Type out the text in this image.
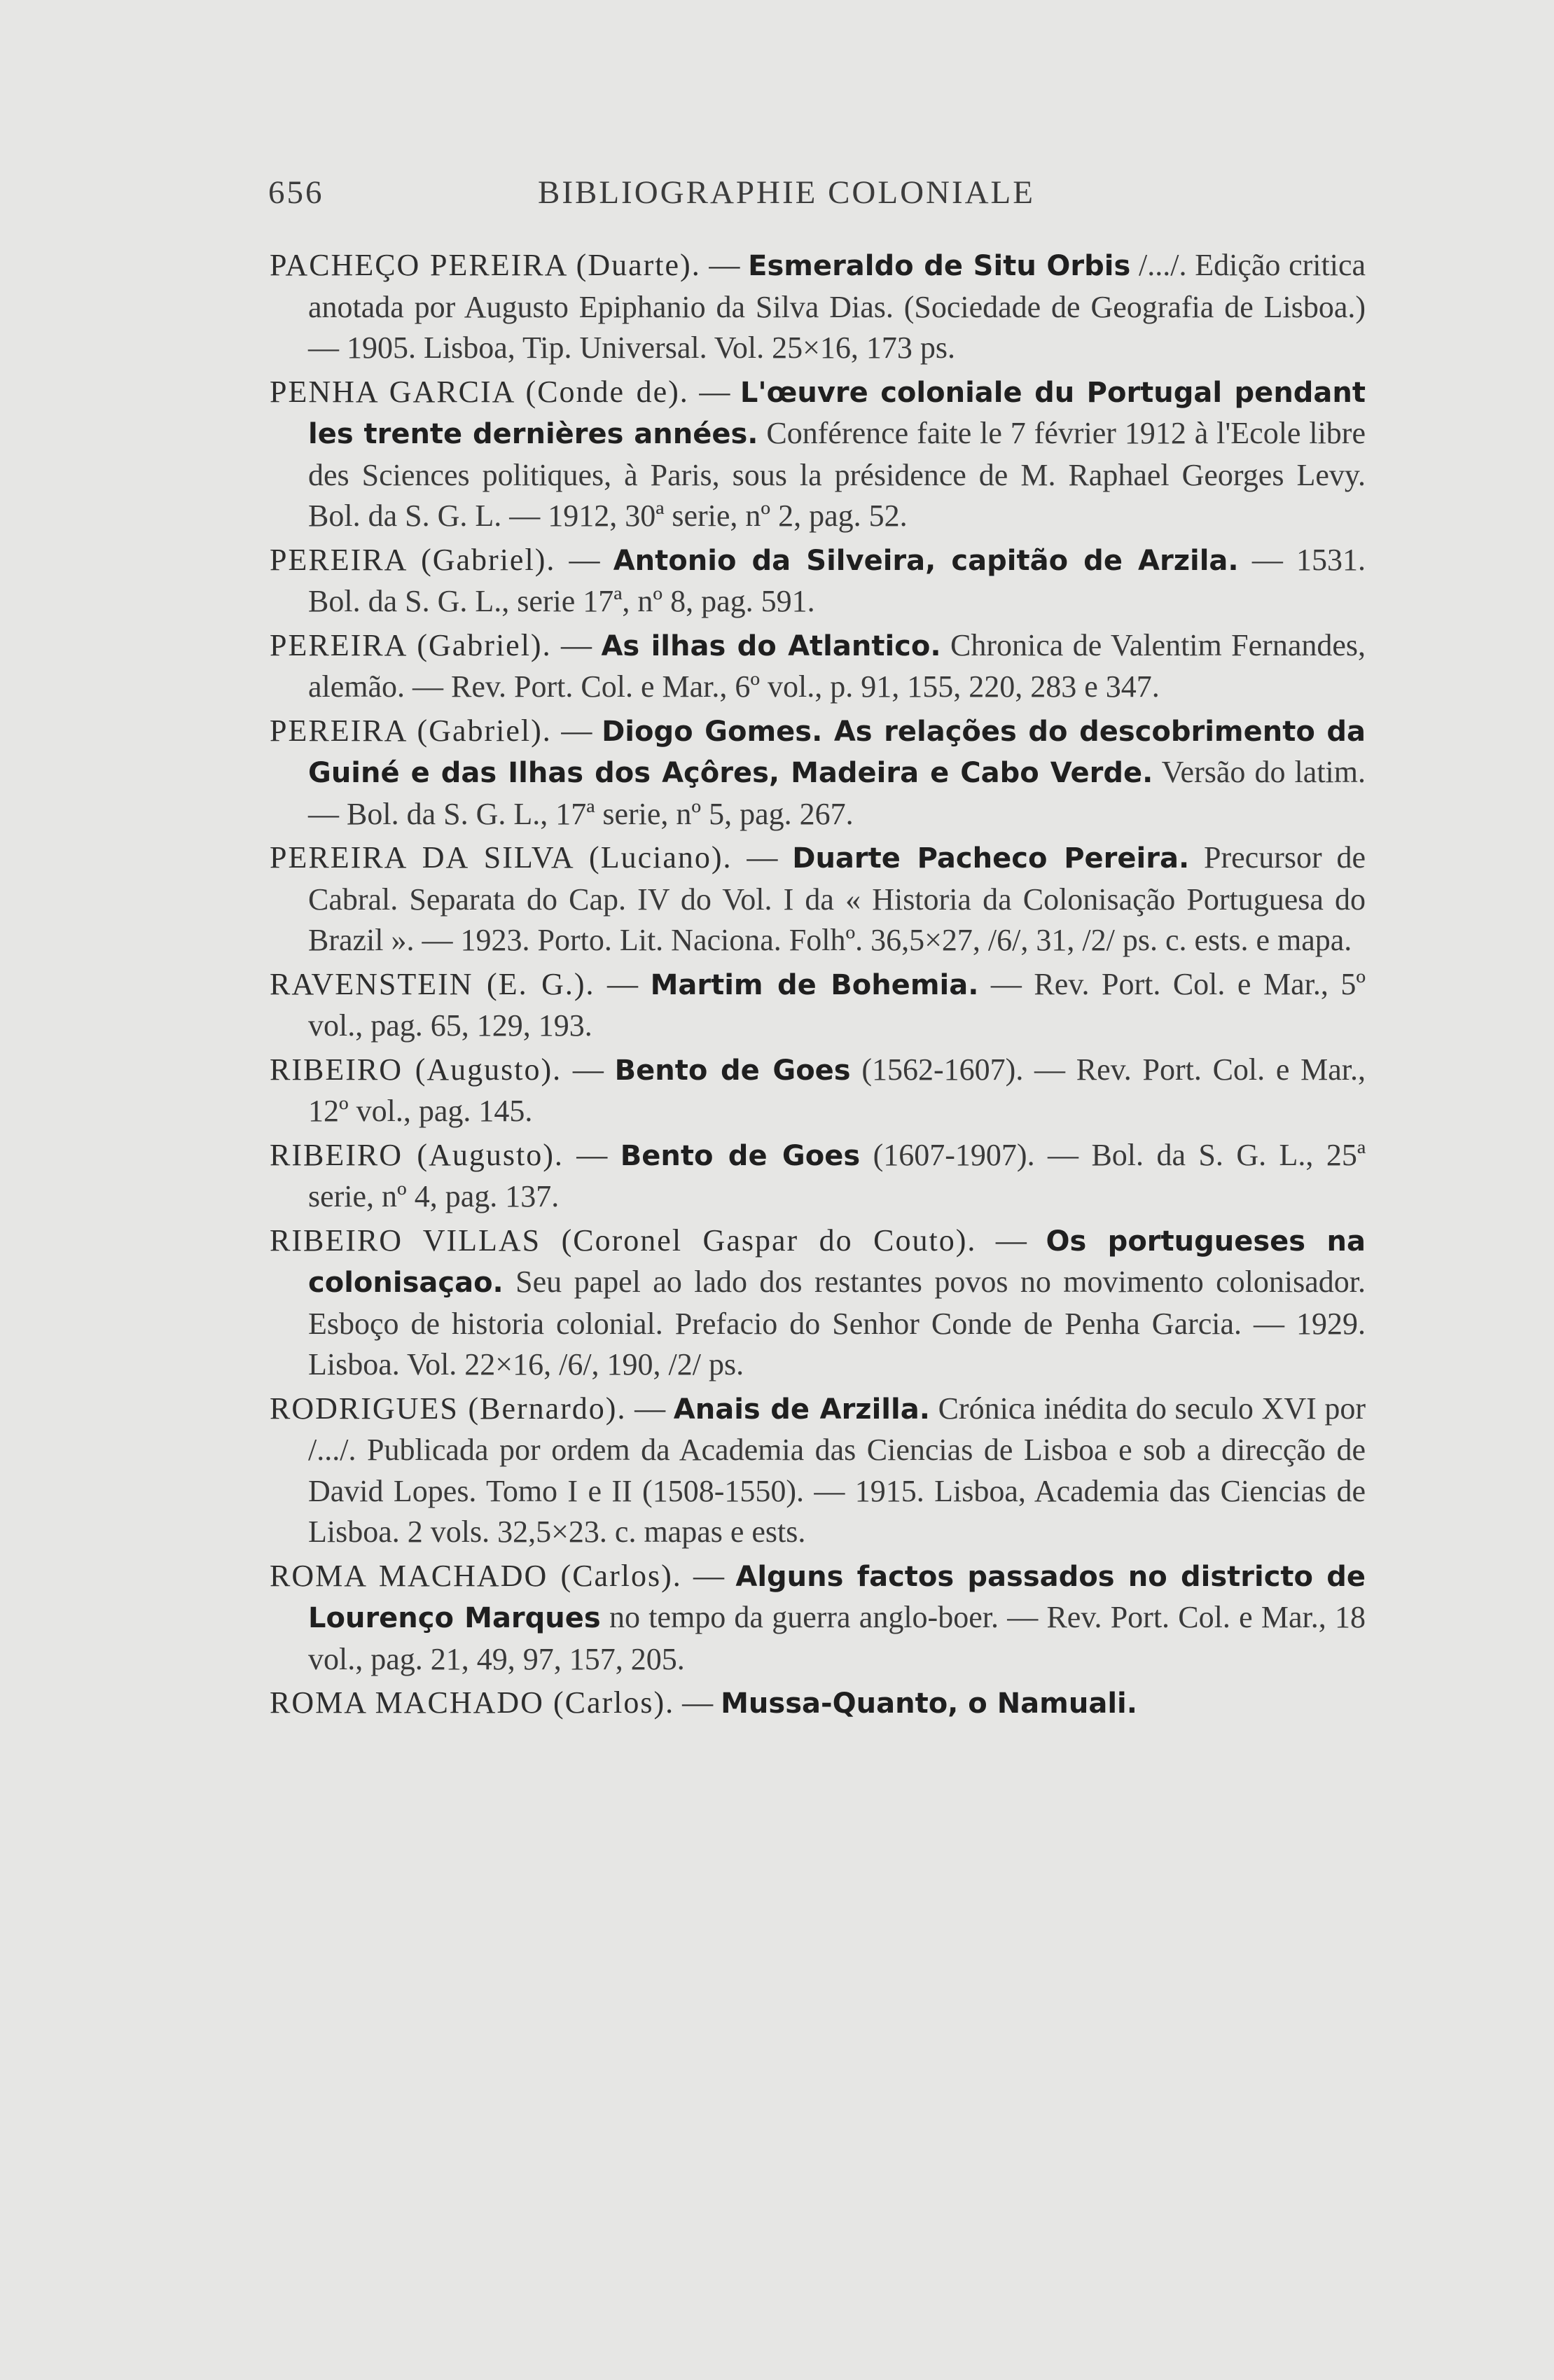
656	BIBLIOGRAPHIE COLONIALE

PACHEÇO PEREIRA (Duarte). — Esmeraldo de Situ Orbis /.../. Edição critica anotada por Augusto Epiphanio da Silva Dias. (Sociedade de Geografia de Lisboa.) — 1905. Lisboa, Tip. Universal. Vol. 25×16, 173 ps.

PENHA GARCIA (Conde de). — L'œuvre coloniale du Portugal pendant les trente dernières années. Conférence faite le 7 février 1912 à l'Ecole libre des Sciences politiques, à Paris, sous la présidence de M. Raphael Georges Levy. Bol. da S. G. L. — 1912, 30ª serie, nº 2, pag. 52.

PEREIRA (Gabriel). — Antonio da Silveira, capitão de Arzila. — 1531. Bol. da S. G. L., serie 17ª, nº 8, pag. 591.

PEREIRA (Gabriel). — As ilhas do Atlantico. Chronica de Valentim Fernandes, alemão. — Rev. Port. Col. e Mar., 6º vol., p. 91, 155, 220, 283 e 347.

PEREIRA (Gabriel). — Diogo Gomes. As relações do descobrimento da Guiné e das Ilhas dos Açôres, Madeira e Cabo Verde. Versão do latim. — Bol. da S. G. L., 17ª serie, nº 5, pag. 267.

PEREIRA DA SILVA (Luciano). — Duarte Pacheco Pereira. Precursor de Cabral. Separata do Cap. IV do Vol. I da « Historia da Colonisação Portuguesa do Brazil ». — 1923. Porto. Lit. Naciona. Folhº. 36,5×27, /6/, 31, /2/ ps. c. ests. e mapa.

RAVENSTEIN (E. G.). — Martim de Bohemia. — Rev. Port. Col. e Mar., 5º vol., pag. 65, 129, 193.

RIBEIRO (Augusto). — Bento de Goes (1562-1607). — Rev. Port. Col. e Mar., 12º vol., pag. 145.

RIBEIRO (Augusto). — Bento de Goes (1607-1907). — Bol. da S. G. L., 25ª serie, nº 4, pag. 137.

RIBEIRO VILLAS (Coronel Gaspar do Couto). — Os portugueses na colonisaçao. Seu papel ao lado dos restantes povos no movimento colonisador. Esboço de historia colonial. Prefacio do Senhor Conde de Penha Garcia. — 1929. Lisboa. Vol. 22×16, /6/, 190, /2/ ps.

RODRIGUES (Bernardo). — Anais de Arzilla. Crónica inédita do seculo XVI por /.../. Publicada por ordem da Academia das Ciencias de Lisboa e sob a direcção de David Lopes. Tomo I e II (1508-1550). — 1915. Lisboa, Academia das Ciencias de Lisboa. 2 vols. 32,5×23. c. mapas e ests.

ROMA MACHADO (Carlos). — Alguns factos passados no districto de Lourenço Marques no tempo da guerra anglo-boer. — Rev. Port. Col. e Mar., 18 vol., pag. 21, 49, 97, 157, 205.

ROMA MACHADO (Carlos). — Mussa-Quanto, o Namuali.
